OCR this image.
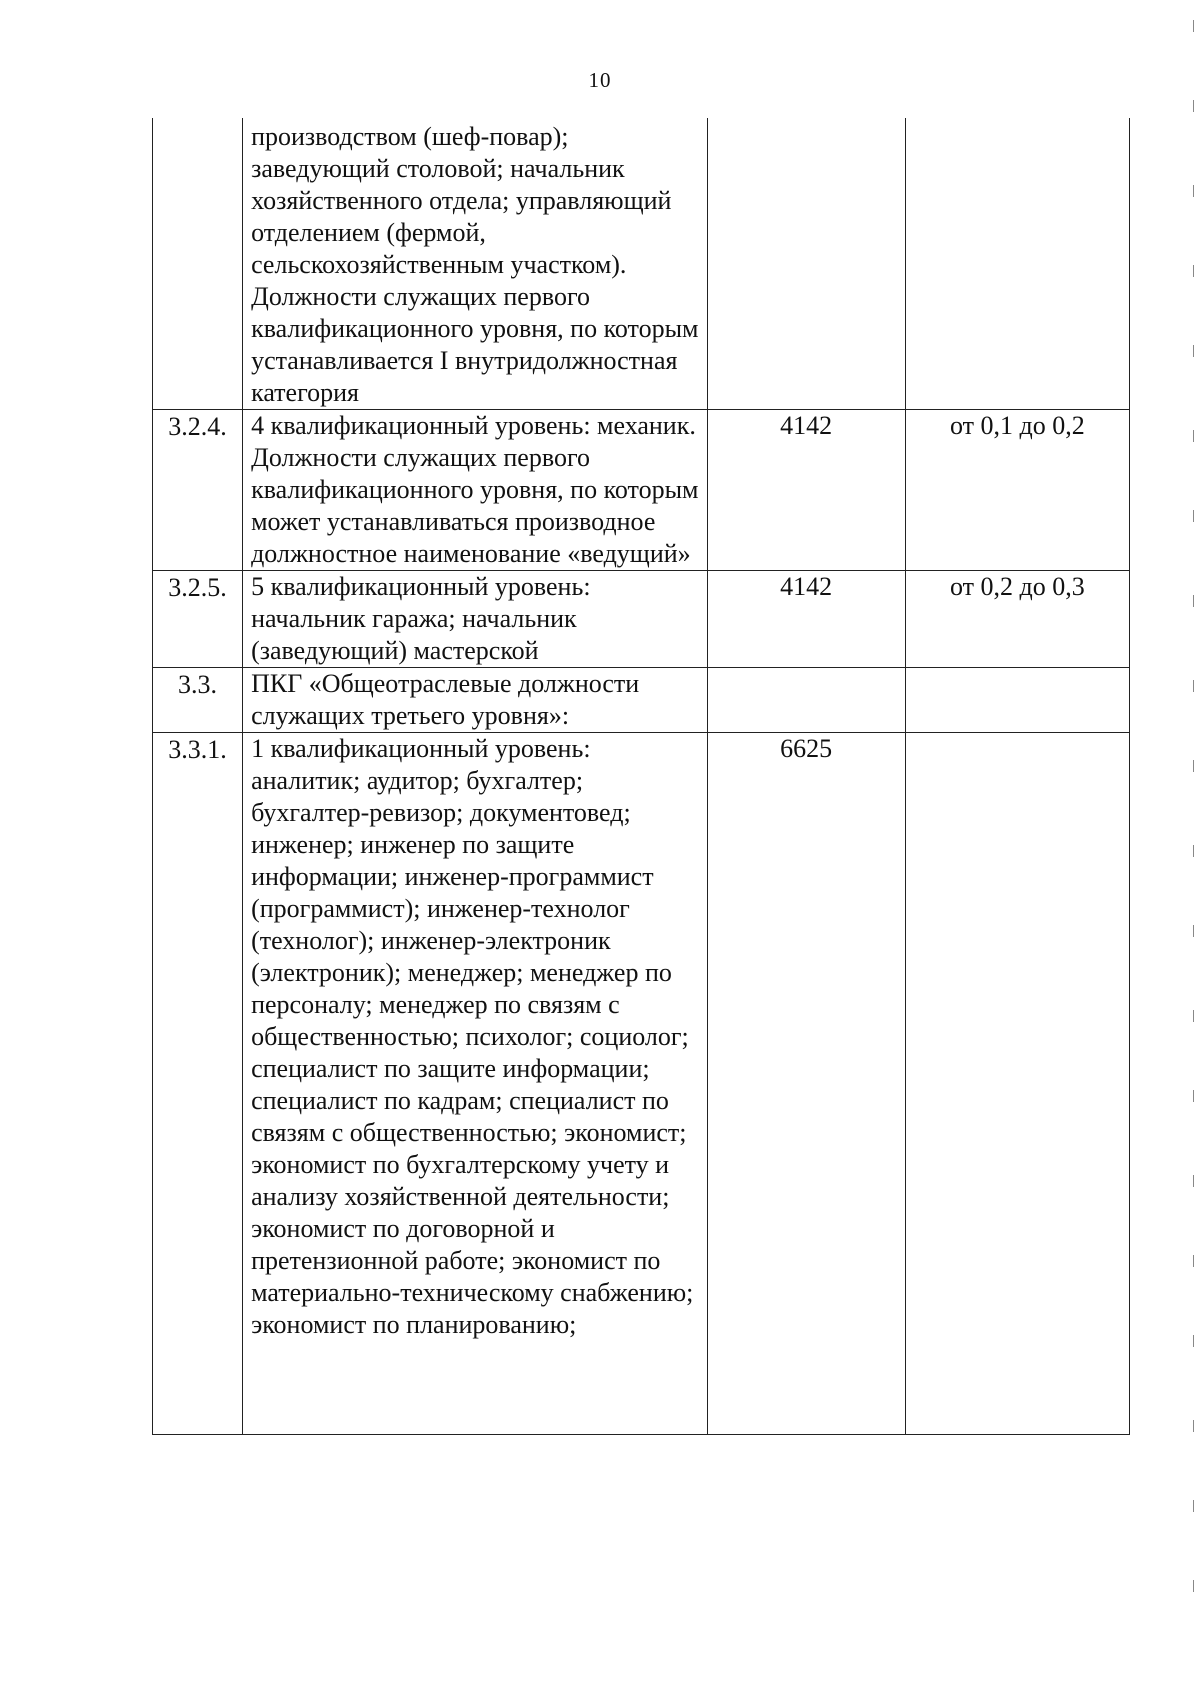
10

	производством (шеф-повар); заведующий столовой; начальник хозяйственного отдела; управляющий отделением (фермой, сельскохозяйственным участком). Должности служащих первого квалификационного уровня, по которым устанавливается I внутридолжностная категория		

3.2.4.	4 квалификационный уровень: механик. Должности служащих первого квалификационного уровня, по которым может устанавливаться производное должностное наименование «ведущий»	4142	от 0,1 до 0,2
3.2.5.	5 квалификационный уровень: начальник гаража; начальник (заведующий) мастерской	4142	от 0,2 до 0,3
3.3.	ПКГ «Общеотраслевые должности служащих третьего уровня»:		

3.3.1.	1 квалификационный уровень: аналитик; аудитор; бухгалтер; бухгалтер-ревизор; документовед; инженер; инженер по защите информации; инженер-программист (программист); инженер-технолог (технолог); инженер-электроник (электроник); менеджер; менеджер по персоналу; менеджер по связям с общественностью; психолог; социолог; специалист по защите информации; специалист по кадрам; специалист по связям с общественностью; экономист; экономист по бухгалтерскому учету и анализу хозяйственной деятельности; экономист по договорной и претензионной работе; экономист по материально-техническому снабжению; экономист по планированию;	6625	
